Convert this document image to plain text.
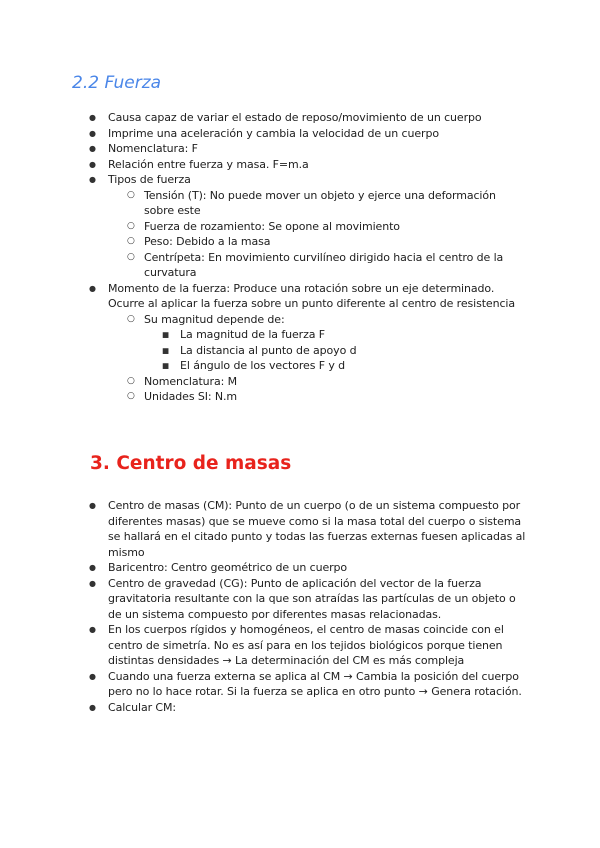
2.2 Fuerza
● Causa capaz de variar el estado de reposo/movimiento de un cuerpo
● Imprime una aceleración y cambia la velocidad de un cuerpo
● Nomenclatura: F
● Relación entre fuerza y masa. F=m.a
● Tipos de fuerza
○ Tensión (T): No puede mover un objeto y ejerce una deformación sobre este
○ Fuerza de rozamiento: Se opone al movimiento
○ Peso: Debido a la masa
○ Centrípeta: En movimiento curvilíneo dirigido hacia el centro de la curvatura
● Momento de la fuerza: Produce una rotación sobre un eje determinado. Ocurre al aplicar la fuerza sobre un punto diferente al centro de resistencia
○ Su magnitud depende de:
■ La magnitud de la fuerza F
■ La distancia al punto de apoyo d
■ El ángulo de los vectores F y d
○ Nomenclatura: M
○ Unidades SI: N.m
3. Centro de masas
● Centro de masas (CM): Punto de un cuerpo (o de un sistema compuesto por diferentes masas) que se mueve como si la masa total del cuerpo o sistema se hallará en el citado punto y todas las fuerzas externas fuesen aplicadas al mismo
● Baricentro: Centro geométrico de un cuerpo
● Centro de gravedad (CG): Punto de aplicación del vector de la fuerza gravitatoria resultante con la que son atraídas las partículas de un objeto o de un sistema compuesto por diferentes masas relacionadas.
● En los cuerpos rígidos y homogéneos, el centro de masas coincide con el centro de simetría. No es así para en los tejidos biológicos porque tienen distintas densidades → La determinación del CM es más compleja
● Cuando una fuerza externa se aplica al CM → Cambia la posición del cuerpo pero no lo hace rotar. Si la fuerza se aplica en otro punto → Genera rotación.
● Calcular CM:
